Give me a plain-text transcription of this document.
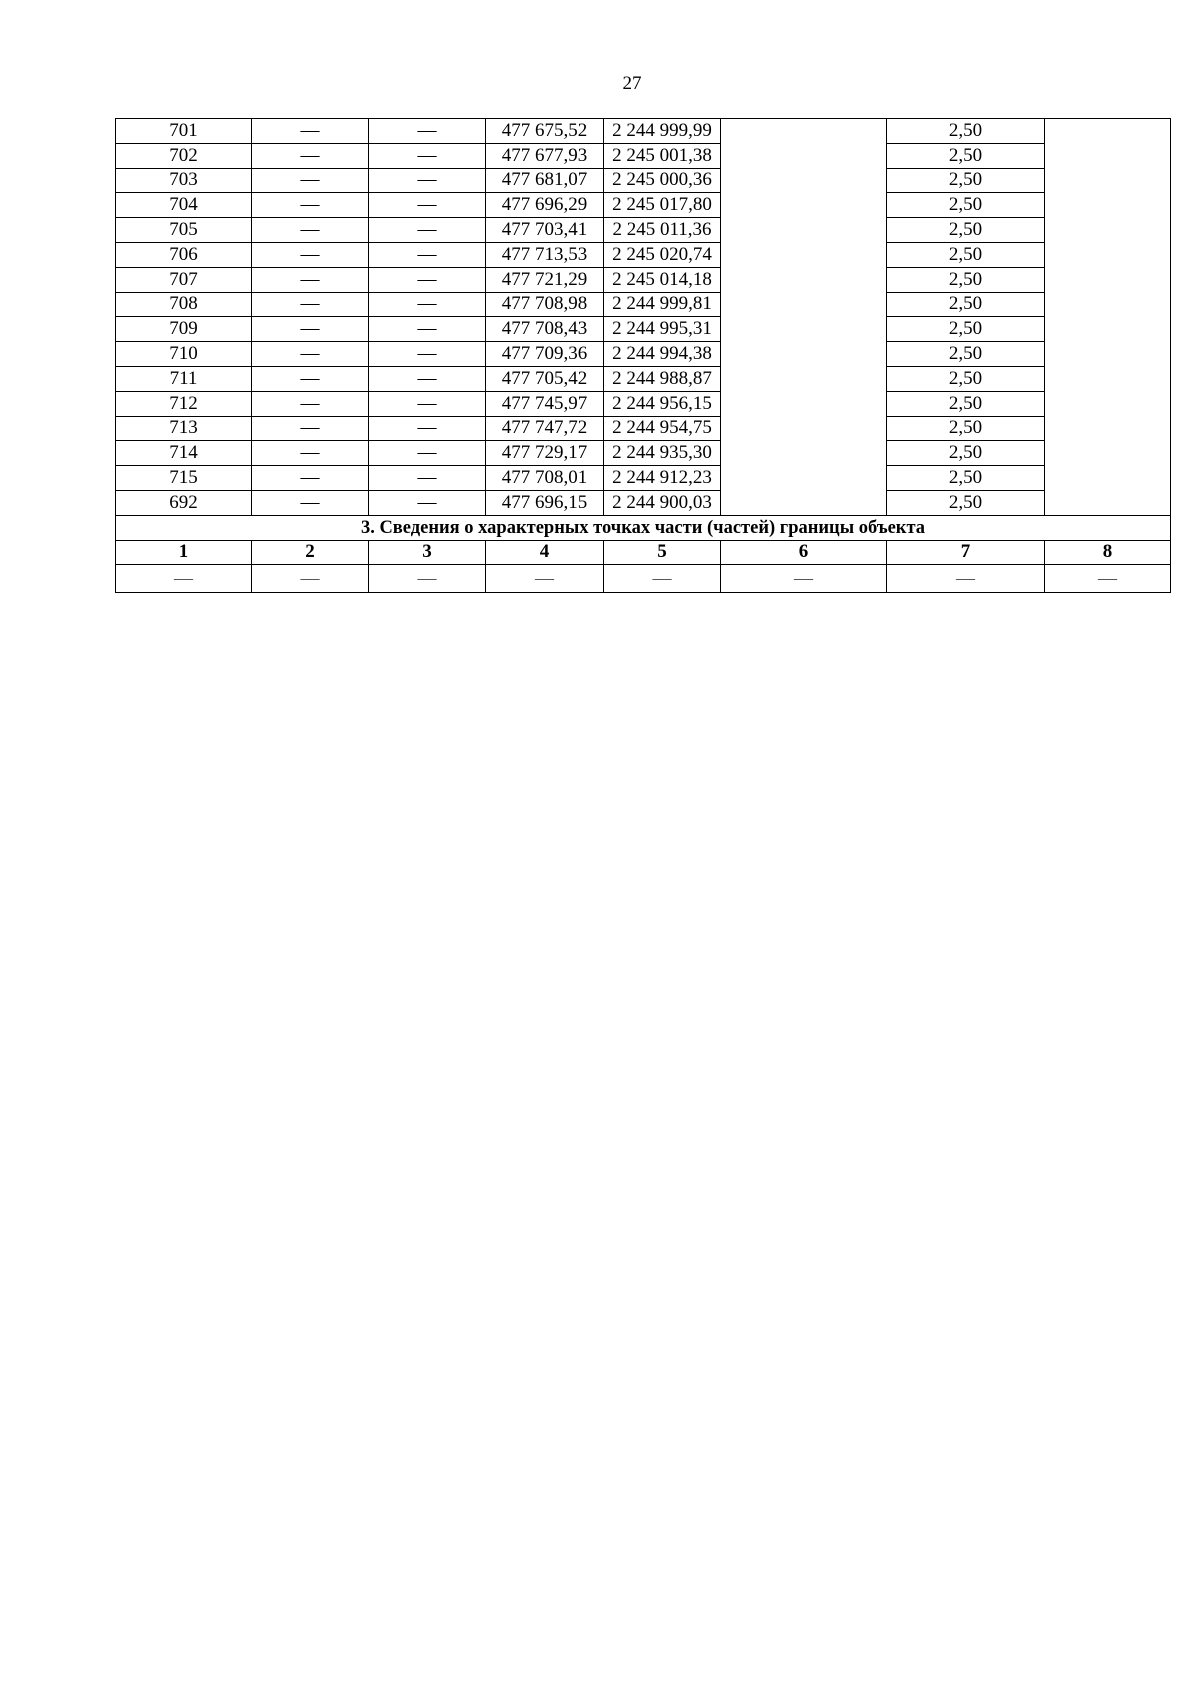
27
701	—	—	477 675,52	2 244 999,99		2,50	
702	—	—	477 677,93	2 245 001,38		2,50	
703	—	—	477 681,07	2 245 000,36		2,50	
704	—	—	477 696,29	2 245 017,80		2,50	
705	—	—	477 703,41	2 245 011,36		2,50	
706	—	—	477 713,53	2 245 020,74		2,50	
707	—	—	477 721,29	2 245 014,18		2,50	
708	—	—	477 708,98	2 244 999,81		2,50	
709	—	—	477 708,43	2 244 995,31		2,50	
710	—	—	477 709,36	2 244 994,38		2,50	
711	—	—	477 705,42	2 244 988,87		2,50	
712	—	—	477 745,97	2 244 956,15		2,50	
713	—	—	477 747,72	2 244 954,75		2,50	
714	—	—	477 729,17	2 244 935,30		2,50	
715	—	—	477 708,01	2 244 912,23		2,50	
692	—	—	477 696,15	2 244 900,03		2,50	
3. Сведения о характерных точках части (частей) границы объекта							
1	2	3	4	5	6	7	8
—	—	—	—	—	—	—	—
